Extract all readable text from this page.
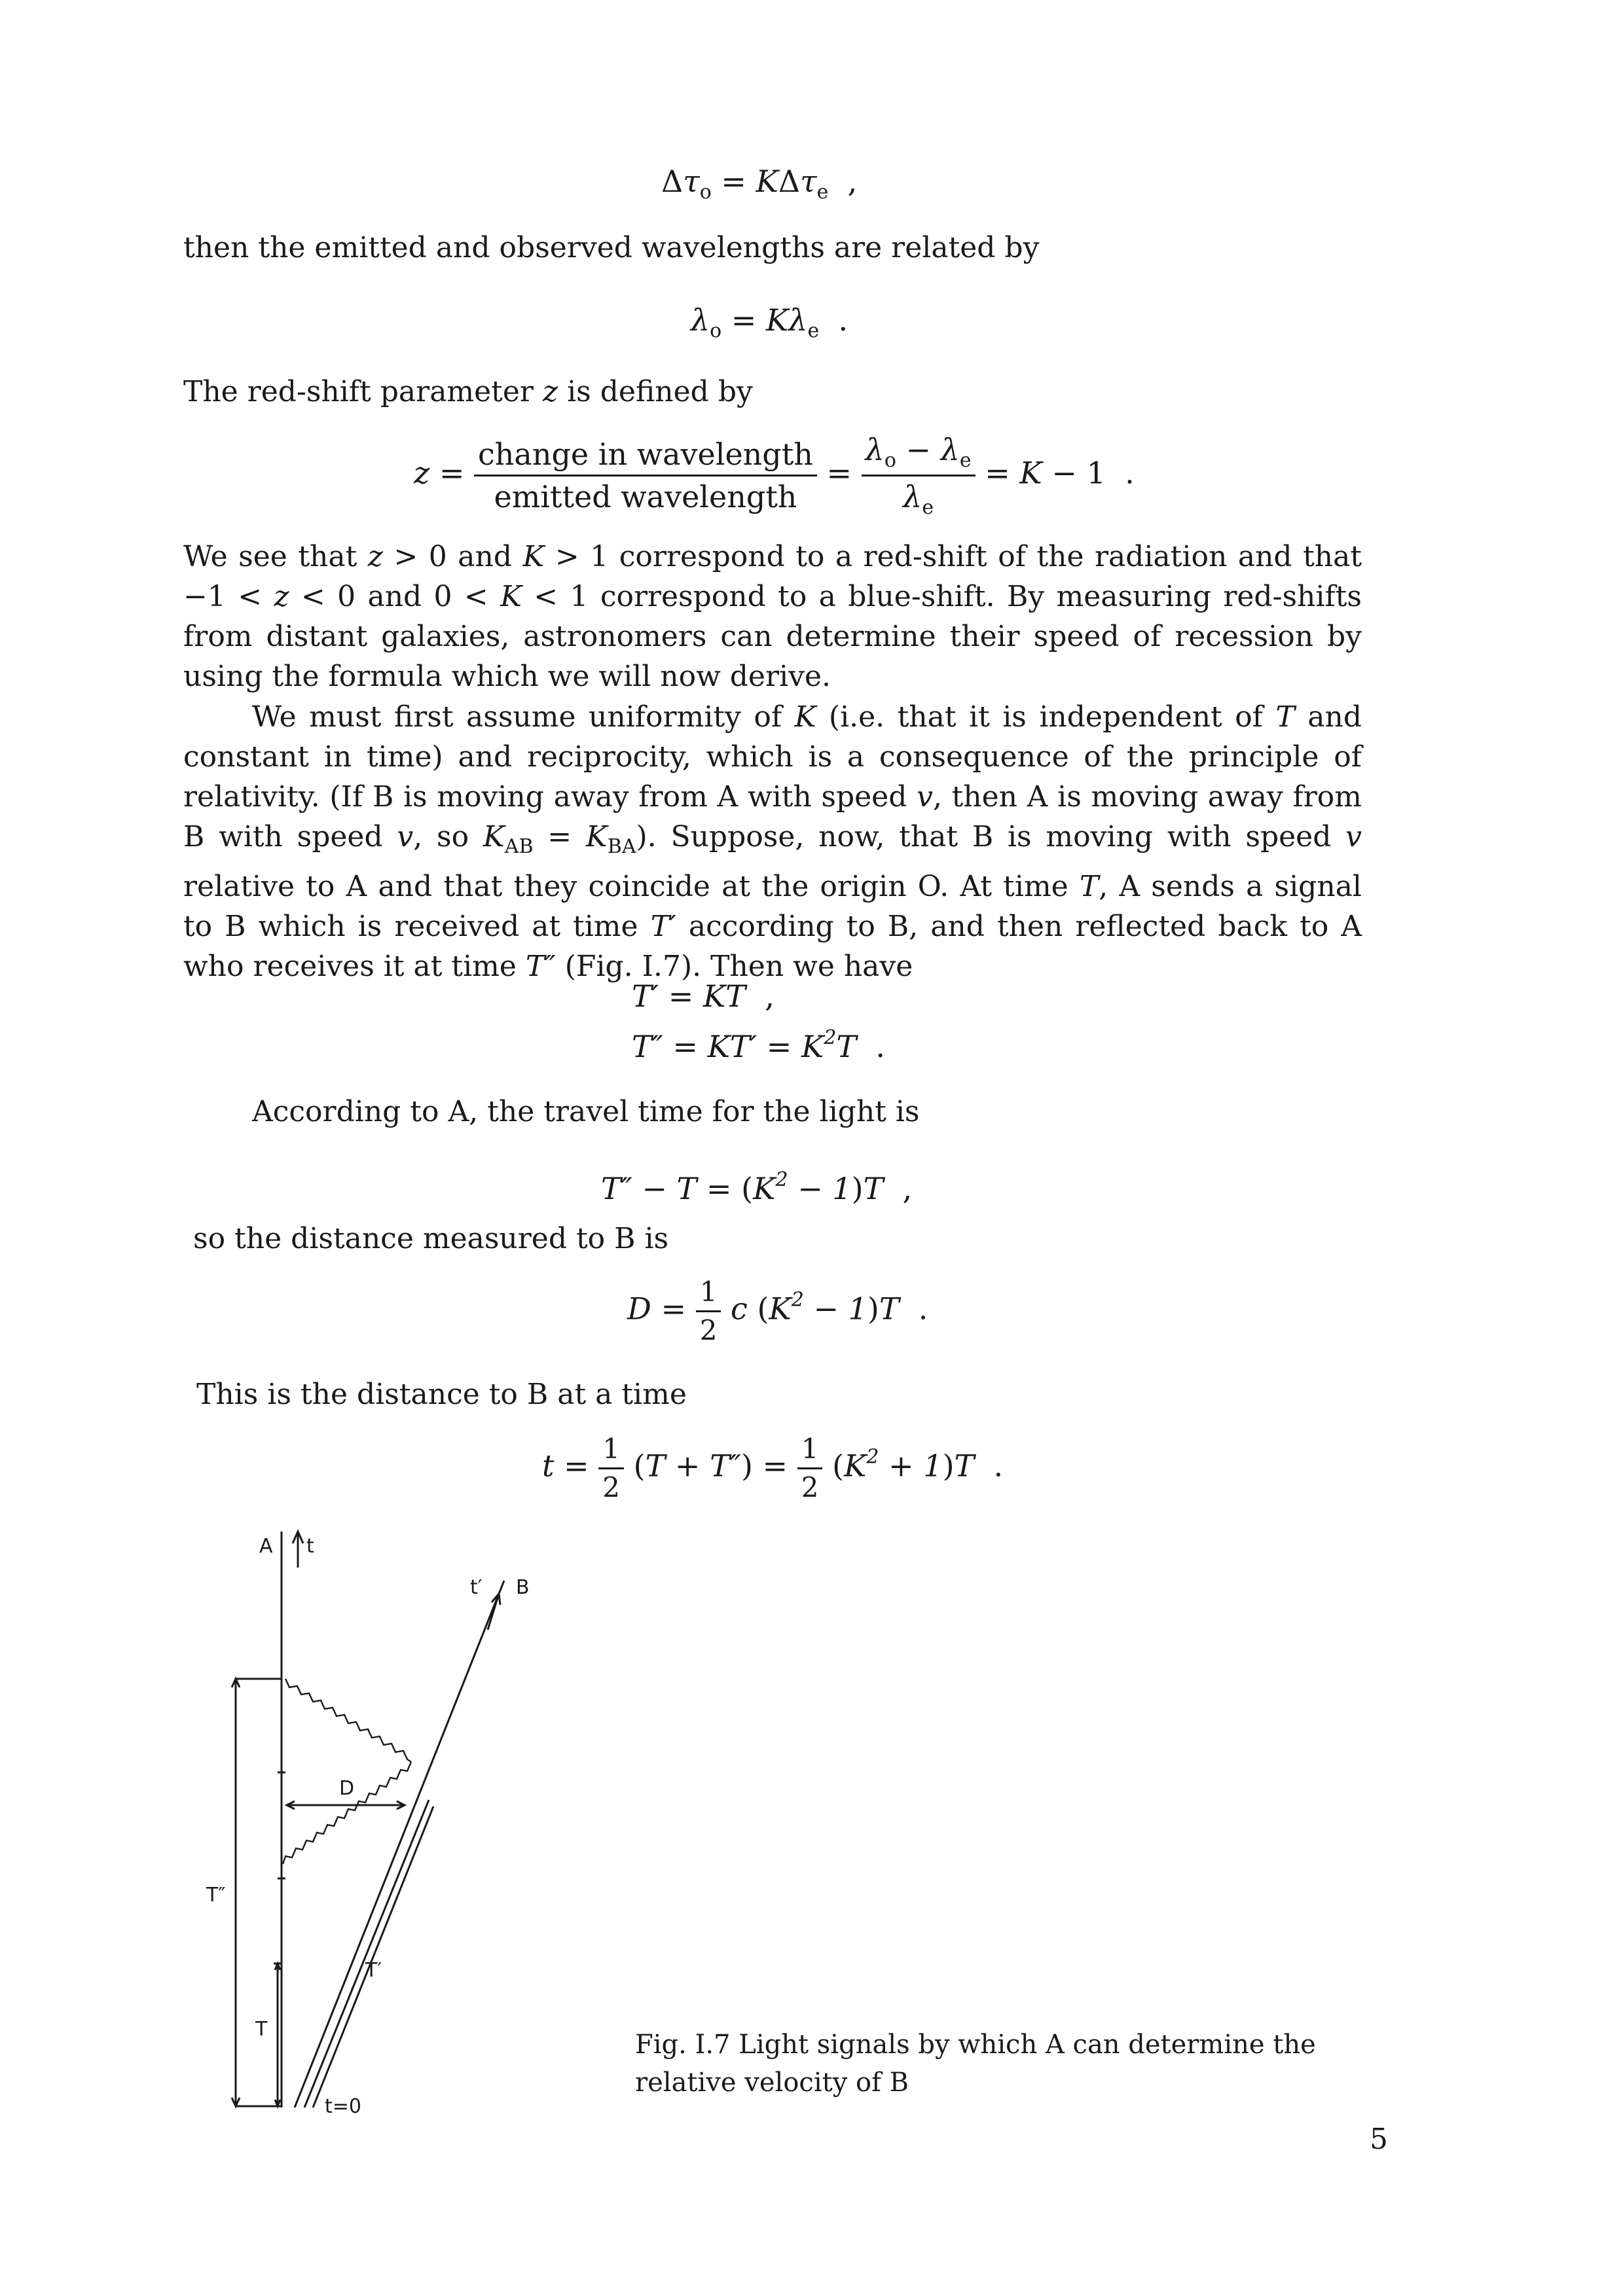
$\Delta\tau_o = K\Delta\tau_e$  ,
then the emitted and observed wavelengths are related by
$\lambda_o = K\lambda_e$  .
The red-shift parameter z is defined by
$z = \frac{\text{change in wavelength}}{\text{emitted wavelength}} = \frac{\lambda_o - \lambda_e}{\lambda_e} = K - 1$  .
We see that z > 0 and K > 1 correspond to a red-shift of the radiation and that −1 < z < 0 and 0 < K < 1 correspond to a blue-shift. By measuring red-shifts from distant galaxies, astronomers can determine their speed of recession by using the formula which we will now derive.
We must first assume uniformity of K (i.e. that it is independent of T and constant in time) and reciprocity, which is a consequence of the principle of relativity. (If B is moving away from A with speed v, then A is moving away from B with speed v, so $K_{AB} = K_{BA}$). Suppose, now, that B is moving with speed v relative to A and that they coincide at the origin O. At time T, A sends a signal to B which is received at time T′ according to B, and then reflected back to A who receives it at time T″ (Fig. I.7). Then we have
T′ = KT  ,
$T'' = KT' = K^2T$  .
According to A, the travel time for the light is
$T'' - T = (K^2 - 1)T$  ,
so the distance measured to B is
$D = \frac{1}{2}$ c $(K^2 - 1)T$  .
This is the distance to B at a time
$t = \frac{1}{2} (T + T'') = \frac{1}{2} (K^2 + 1)T$  .
A t
t′ B
D
T″
T
T′
t=0
Fig. I.7 Light signals by which A can determine the relative velocity of B
5
